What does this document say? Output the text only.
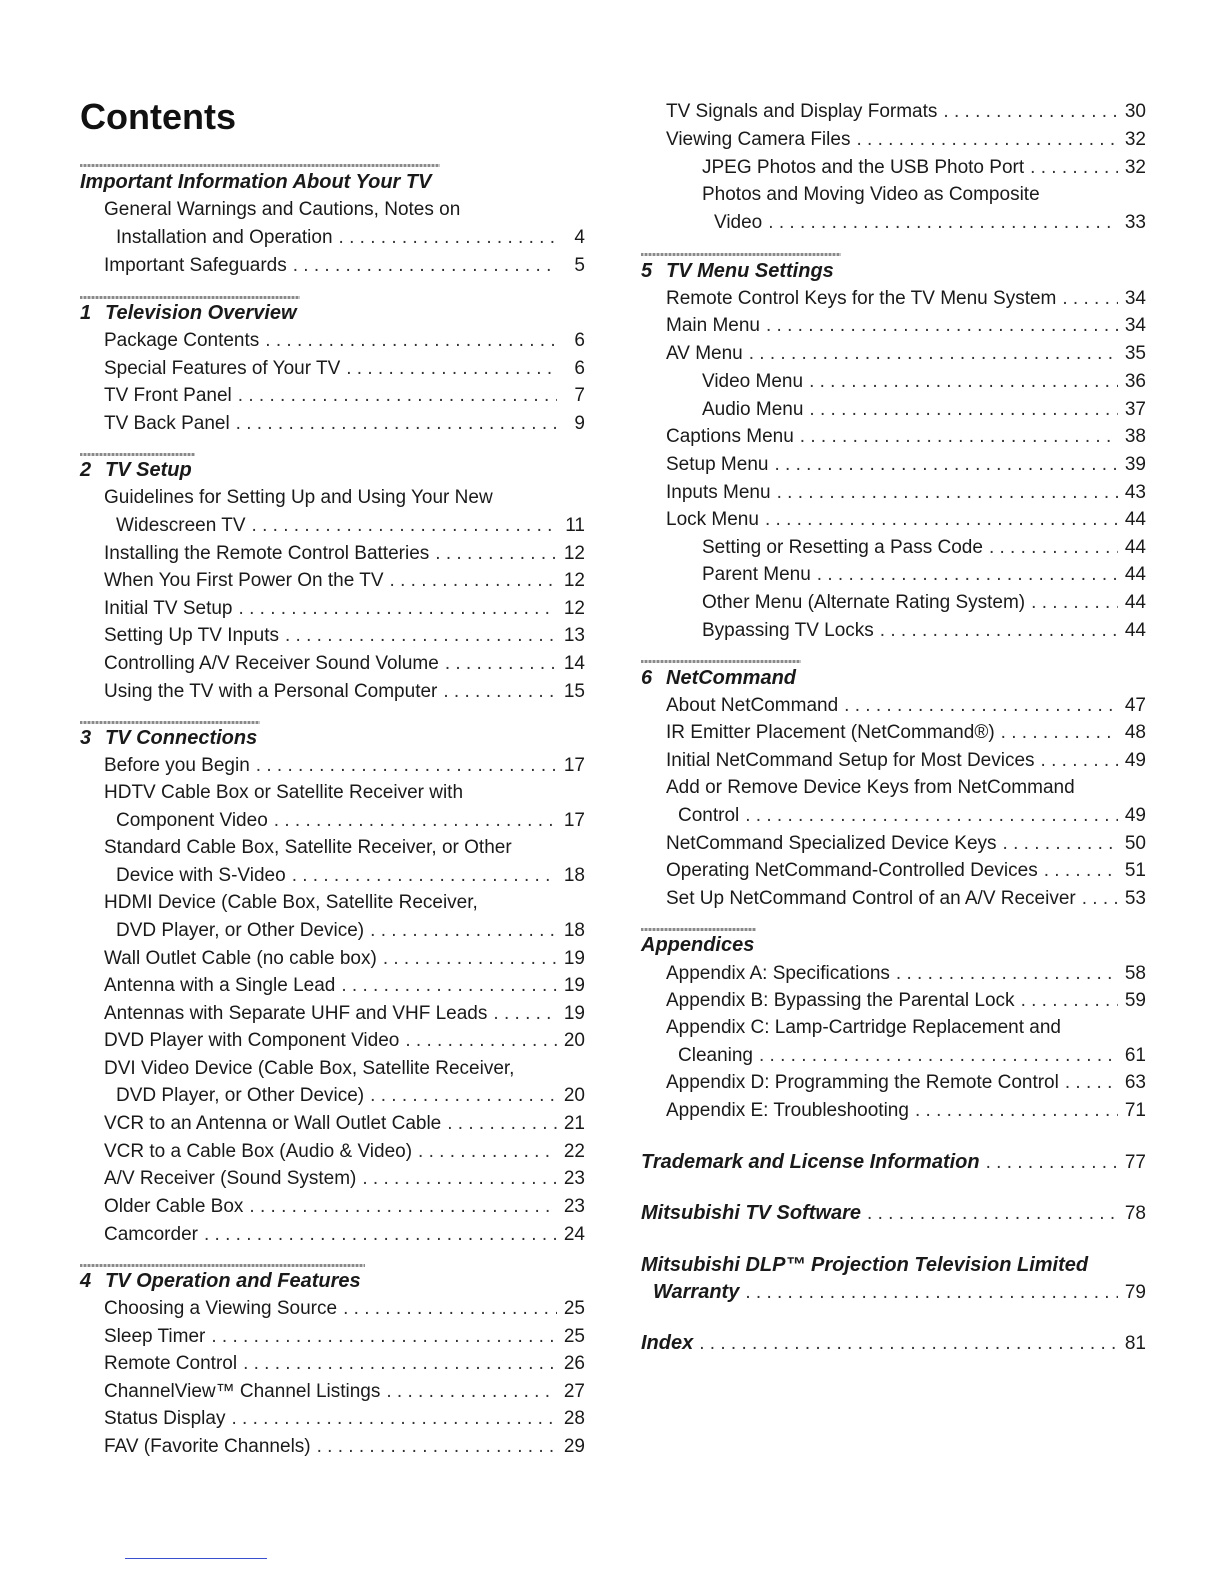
Contents
Important Information About Your TV
General Warnings and Cautions, Notes on
Installation and Operation . . .	4
Important Safeguards . . .	5
1 Television Overview
Package Contents . . .	6
Special Features of Your TV . . .	6
TV Front Panel . . .	7
TV Back Panel . . .	9
2 TV Setup
Guidelines for Setting Up and Using Your New
Widescreen TV . . .	11
Installing the Remote Control Batteries . . .	12
When You First Power On the TV . . .	12
Initial TV Setup . . .	12
Setting Up TV Inputs . . .	13
Controlling A/V Receiver Sound Volume . . .	14
Using the TV with a Personal Computer . . .	15
3 TV Connections
Before you Begin . . .	17
HDTV Cable Box or Satellite Receiver with
Component Video . . .	17
Standard Cable Box, Satellite Receiver, or Other
Device with S-Video . . .	18
HDMI Device (Cable Box, Satellite Receiver,
DVD Player, or Other Device) . . .	18
Wall Outlet Cable (no cable box) . . .	19
Antenna with a Single Lead . . .	19
Antennas with Separate UHF and VHF Leads . . .	19
DVD Player with Component Video . . .	20
DVI Video Device (Cable Box, Satellite Receiver,
DVD Player, or Other Device) . . .	20
VCR to an Antenna or Wall Outlet Cable . . .	21
VCR to a Cable Box (Audio & Video) . . .	22
A/V Receiver (Sound System) . . .	23
Older Cable Box . . .	23
Camcorder . . .	24
4 TV Operation and Features
Choosing a Viewing Source . . .	25
Sleep Timer . . .	25
Remote Control . . .	26
ChannelView™ Channel Listings . . .	27
Status Display . . .	28
FAV (Favorite Channels) . . .	29
TV Signals and Display Formats . . .	30
Viewing Camera Files . . .	32
JPEG Photos and the USB Photo Port . . .	32
Photos and Moving Video as Composite
Video . . .	33
5 TV Menu Settings
Remote Control Keys for the TV Menu System . . .	34
Main Menu . . .	34
AV Menu . . .	35
Video Menu . . .	36
Audio Menu . . .	37
Captions Menu . . .	38
Setup Menu . . .	39
Inputs Menu . . .	43
Lock Menu . . .	44
Setting or Resetting a Pass Code . . .	44
Parent Menu . . .	44
Other Menu (Alternate Rating System) . . .	44
Bypassing TV Locks . . .	44
6 NetCommand
About NetCommand . . .	47
IR Emitter Placement (NetCommand®) . . .	48
Initial NetCommand Setup for Most Devices . . .	49
Add or Remove Device Keys from NetCommand
Control . . .	49
NetCommand Specialized Device Keys . . .	50
Operating NetCommand-Controlled Devices . . .	51
Set Up NetCommand Control of an A/V Receiver . . .	53
Appendices
Appendix A: Specifications . . .	58
Appendix B: Bypassing the Parental Lock . . .	59
Appendix C: Lamp-Cartridge Replacement and
Cleaning . . .	61
Appendix D: Programming the Remote Control . . .	63
Appendix E: Troubleshooting . . .	71
Trademark and License Information . . .	77
Mitsubishi TV Software . . .	78
Mitsubishi DLP™ Projection Television Limited
Warranty . . .	79
Index . . .	81
